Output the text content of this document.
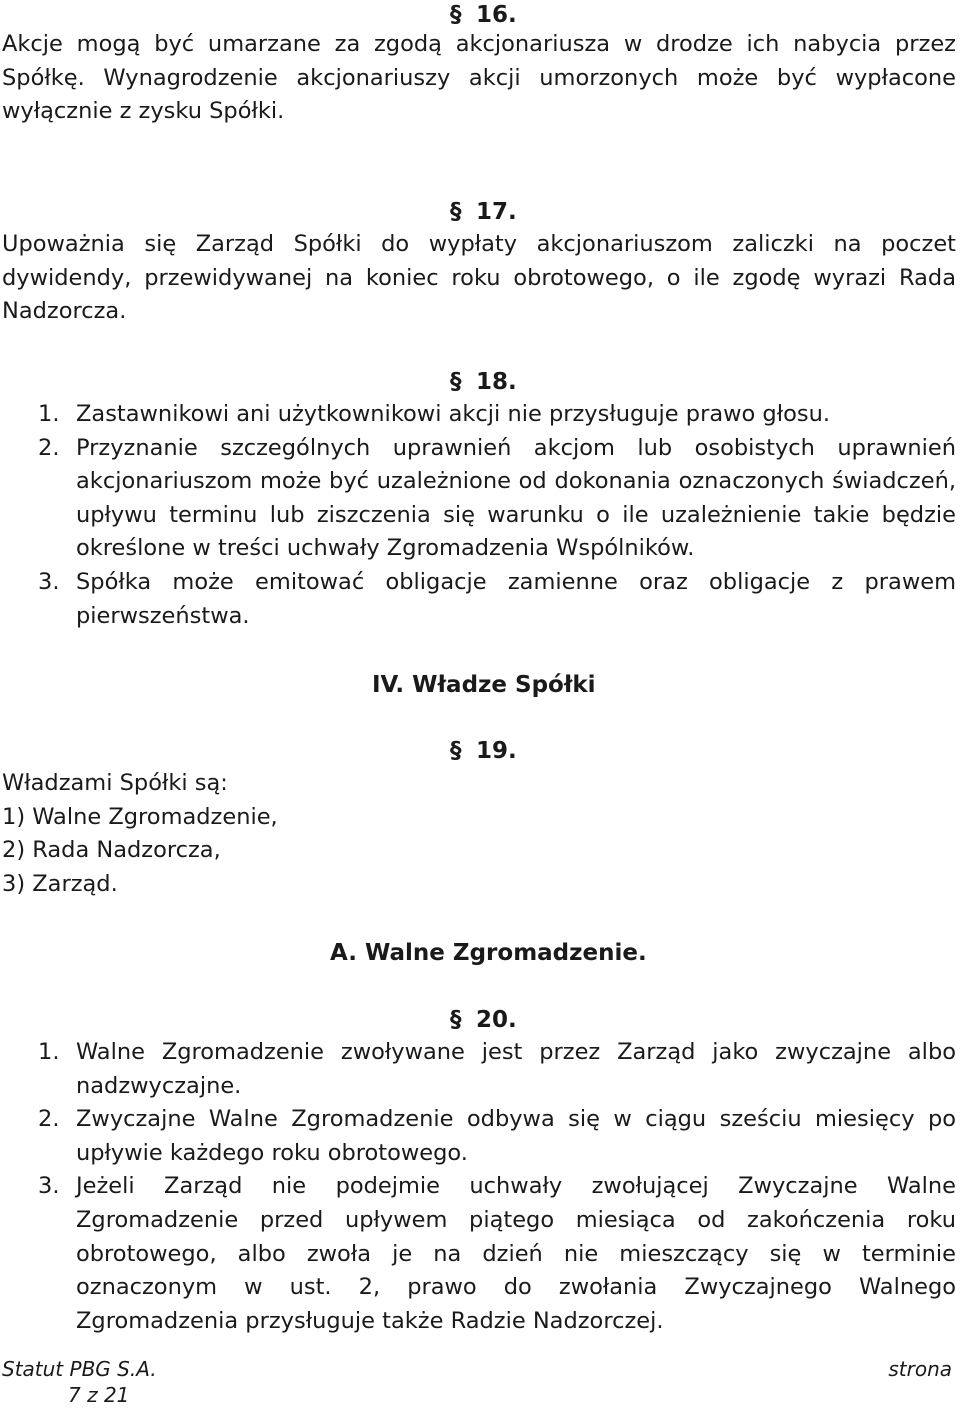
§ 16.
Akcje mogą być umarzane za zgodą akcjonariusza w drodze ich nabycia przez Spółkę. Wynagrodzenie akcjonariuszy akcji umorzonych może być wypłacone wyłącznie z zysku Spółki.
§ 17.
Upoważnia się Zarząd Spółki do wypłaty akcjonariuszom zaliczki na poczet dywidendy, przewidywanej na koniec roku obrotowego, o ile zgodę wyrazi Rada Nadzorcza.
§ 18.
1. Zastawnikowi ani użytkownikowi akcji nie przysługuje prawo głosu.
2. Przyznanie szczególnych uprawnień akcjom lub osobistych uprawnień akcjonariuszom może być uzależnione od dokonania oznaczonych świadczeń, upływu terminu lub ziszczenia się warunku o ile uzależnienie takie będzie określone w treści uchwały Zgromadzenia Wspólników.
3. Spółka może emitować obligacje zamienne oraz obligacje z prawem pierwszeństwa.
IV. Władze Spółki
§ 19.
Władzami Spółki są:
1) Walne Zgromadzenie,
2) Rada Nadzorcza,
3) Zarząd.
A. Walne Zgromadzenie.
§ 20.
1. Walne Zgromadzenie zwoływane jest przez Zarząd jako zwyczajne albo nadzwyczajne.
2. Zwyczajne Walne Zgromadzenie odbywa się w ciągu sześciu miesięcy po upływie każdego roku obrotowego.
3. Jeżeli Zarząd nie podejmie uchwały zwołującej Zwyczajne Walne Zgromadzenie przed upływem piątego miesiąca od zakończenia roku obrotowego, albo zwoła je na dzień nie mieszczący się w terminie oznaczonym w ust. 2, prawo do zwołania Zwyczajnego Walnego Zgromadzenia przysługuje także Radzie Nadzorczej.
Statut PBG S.A.	strona
7 z 21
